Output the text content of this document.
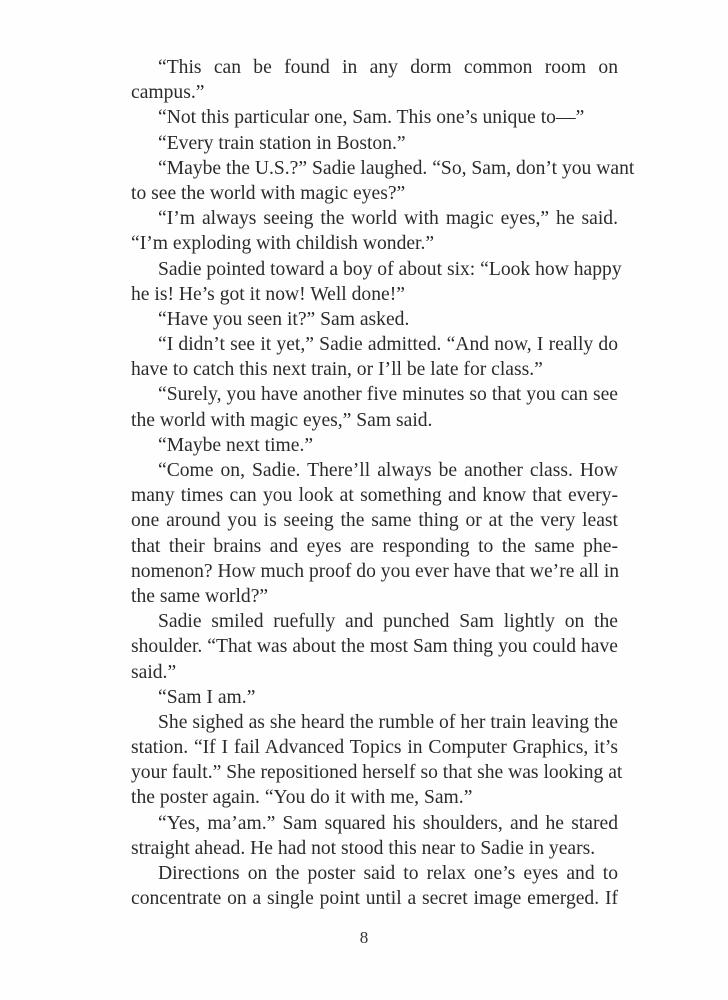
“This can be found in any dorm common room on
campus.”
“Not this particular one, Sam. This one’s unique to—”
“Every train station in Boston.”
“Maybe the U.S.?” Sadie laughed. “So, Sam, don’t you want
to see the world with magic eyes?”
“I’m always seeing the world with magic eyes,” he said.
“I’m exploding with childish wonder.”
Sadie pointed toward a boy of about six: “Look how happy
he is! He’s got it now! Well done!”
“Have you seen it?” Sam asked.
“I didn’t see it yet,” Sadie admitted. “And now, I really do
have to catch this next train, or I’ll be late for class.”
“Surely, you have another five minutes so that you can see
the world with magic eyes,” Sam said.
“Maybe next time.”
“Come on, Sadie. There’ll always be another class. How
many times can you look at something and know that every-
one around you is seeing the same thing or at the very least
that their brains and eyes are responding to the same phe-
nomenon? How much proof do you ever have that we’re all in
the same world?”
Sadie smiled ruefully and punched Sam lightly on the
shoulder. “That was about the most Sam thing you could have
said.”
“Sam I am.”
She sighed as she heard the rumble of her train leaving the
station. “If I fail Advanced Topics in Computer Graphics, it’s
your fault.” She repositioned herself so that she was looking at
the poster again. “You do it with me, Sam.”
“Yes, ma’am.” Sam squared his shoulders, and he stared
straight ahead. He had not stood this near to Sadie in years.
Directions on the poster said to relax one’s eyes and to
concentrate on a single point until a secret image emerged. If
8
